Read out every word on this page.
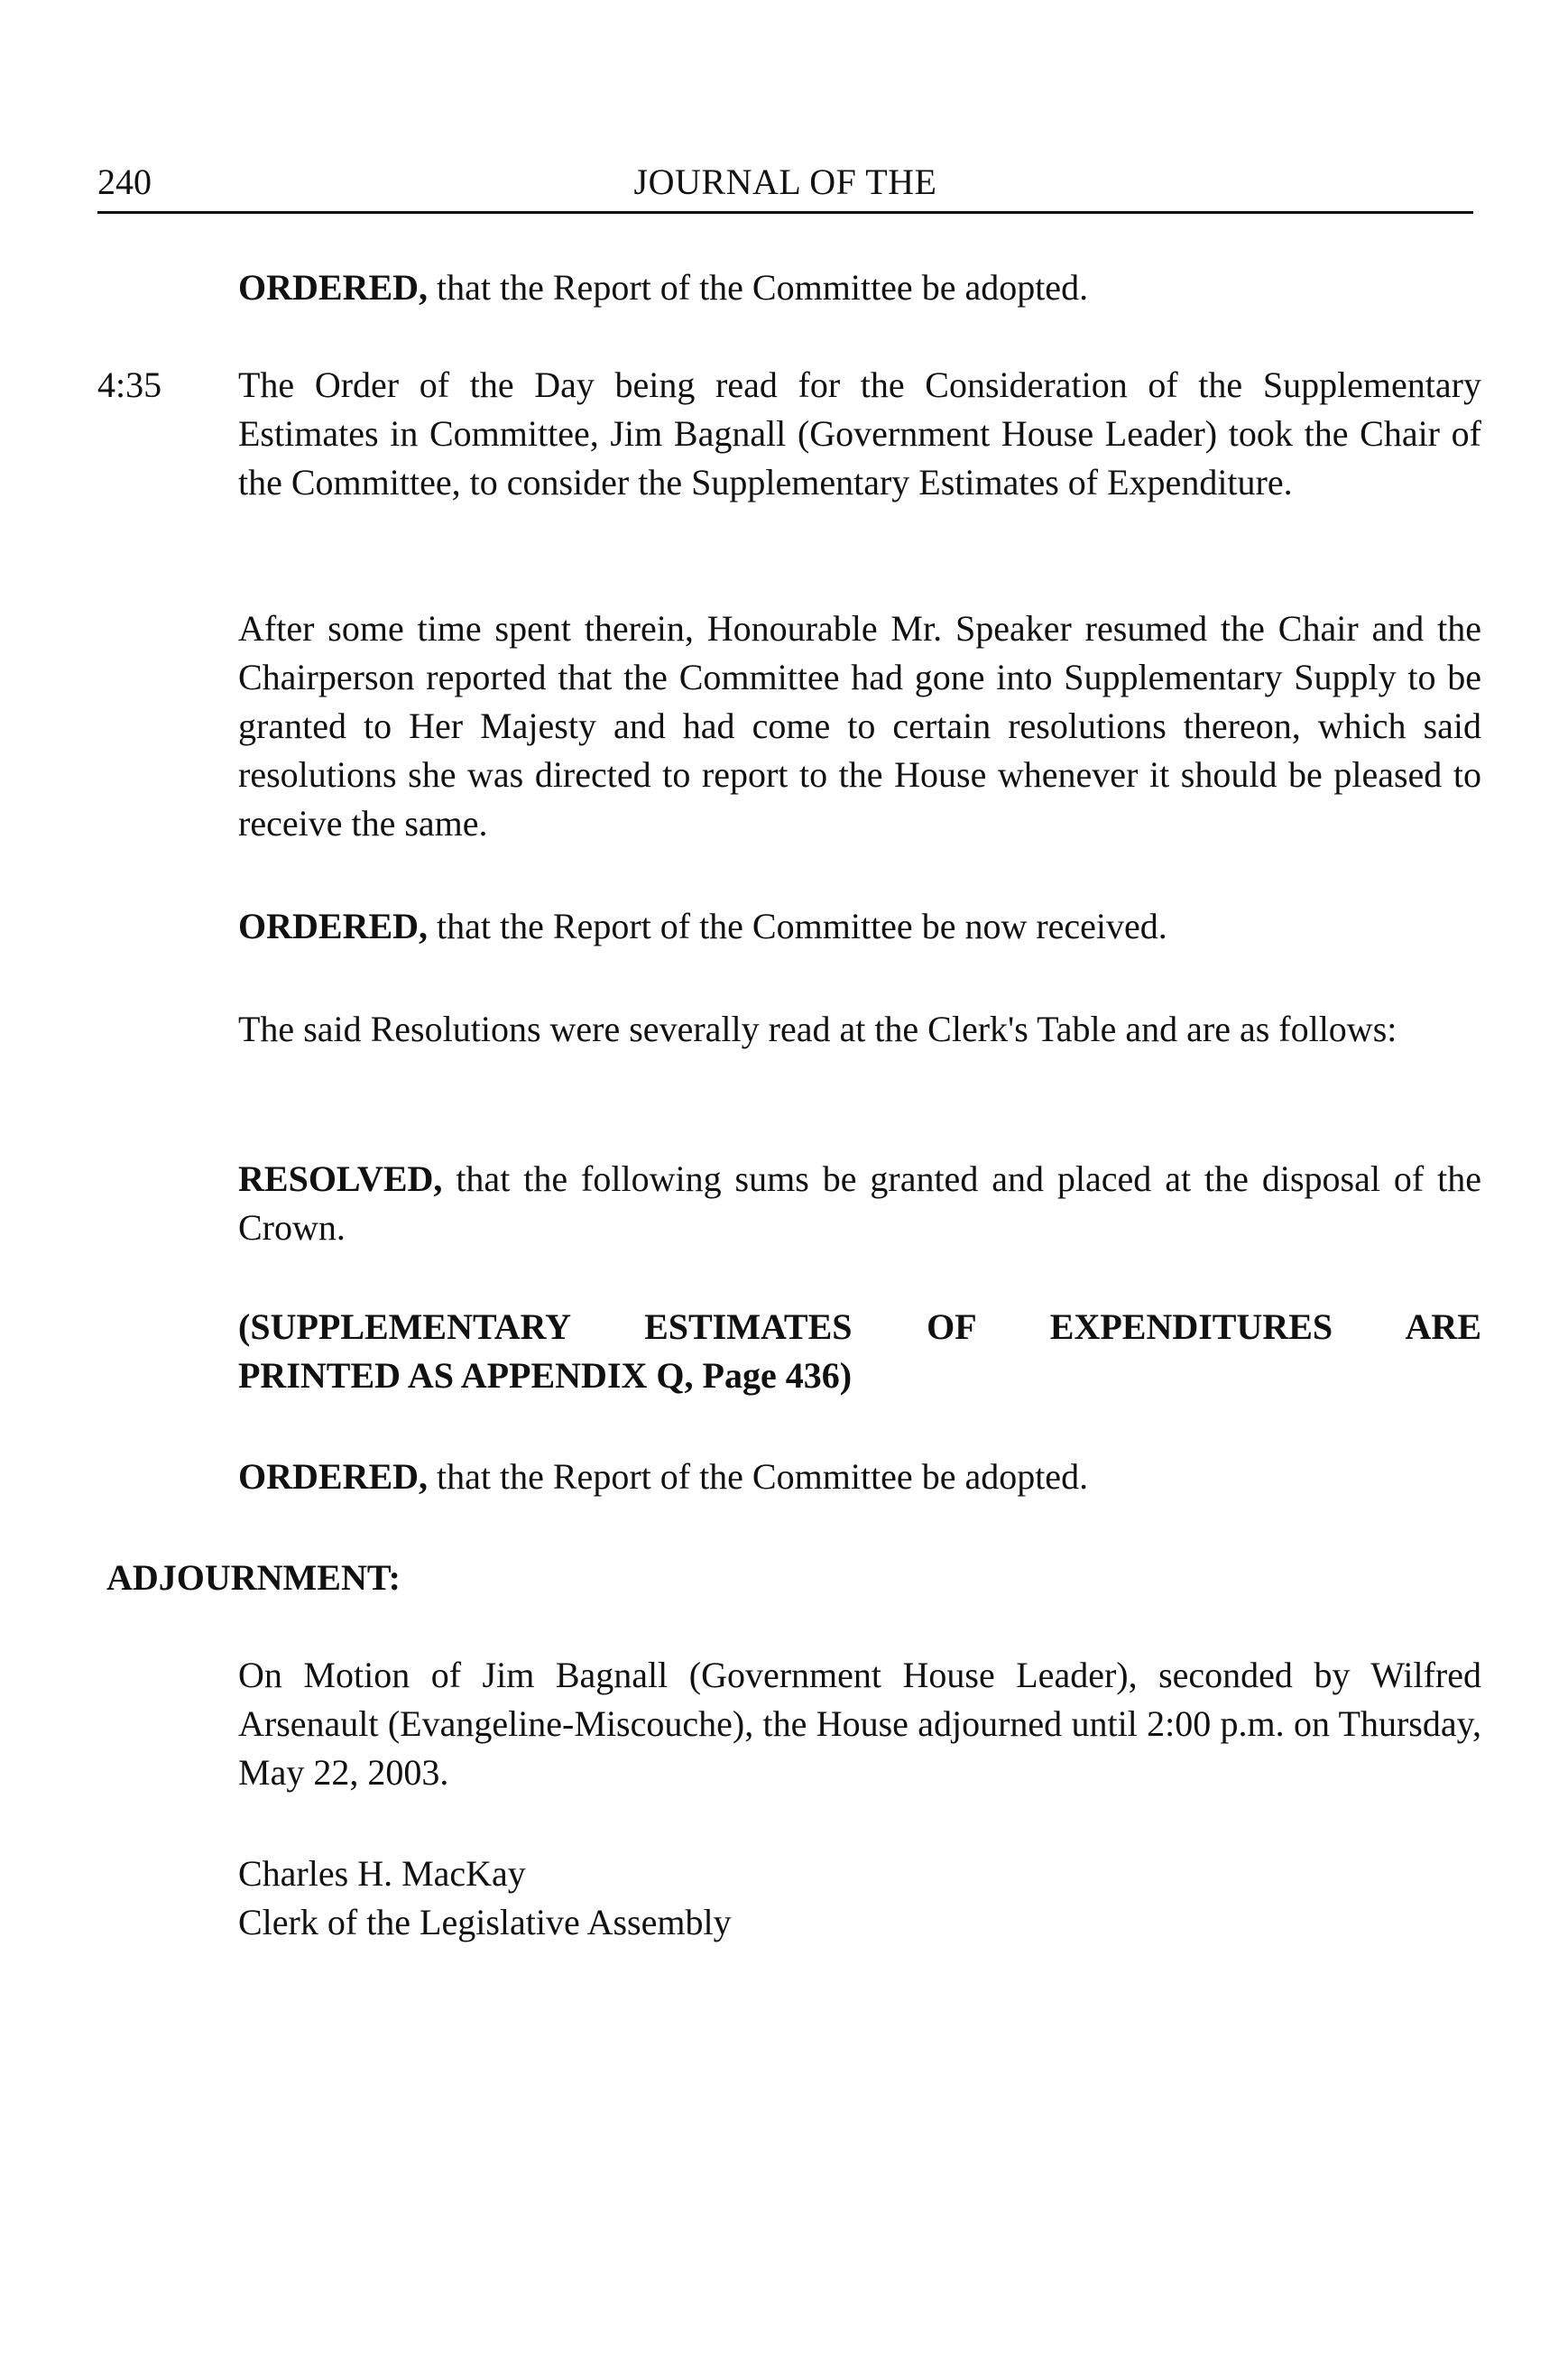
240	JOURNAL OF THE

ORDERED, that the Report of the Committee be adopted.

4:35 The Order of the Day being read for the Consideration of the Supplementary Estimates in Committee, Jim Bagnall (Government House Leader) took the Chair of the Committee, to consider the Supplementary Estimates of Expenditure.

After some time spent therein, Honourable Mr. Speaker resumed the Chair and the Chairperson reported that the Committee had gone into Supplementary Supply to be granted to Her Majesty and had come to certain resolutions thereon, which said resolutions she was directed to report to the House whenever it should be pleased to receive the same.

ORDERED, that the Report of the Committee be now received.

The said Resolutions were severally read at the Clerk's Table and are as follows:

RESOLVED, that the following sums be granted and placed at the disposal of the Crown.

(SUPPLEMENTARY ESTIMATES OF EXPENDITURES ARE
PRINTED AS APPENDIX Q, Page 436)

ORDERED, that the Report of the Committee be adopted.

ADJOURNMENT:

On Motion of Jim Bagnall (Government House Leader), seconded by Wilfred Arsenault (Evangeline-Miscouche), the House adjourned until 2:00 p.m. on Thursday, May 22, 2003.

Charles H. MacKay
Clerk of the Legislative Assembly
